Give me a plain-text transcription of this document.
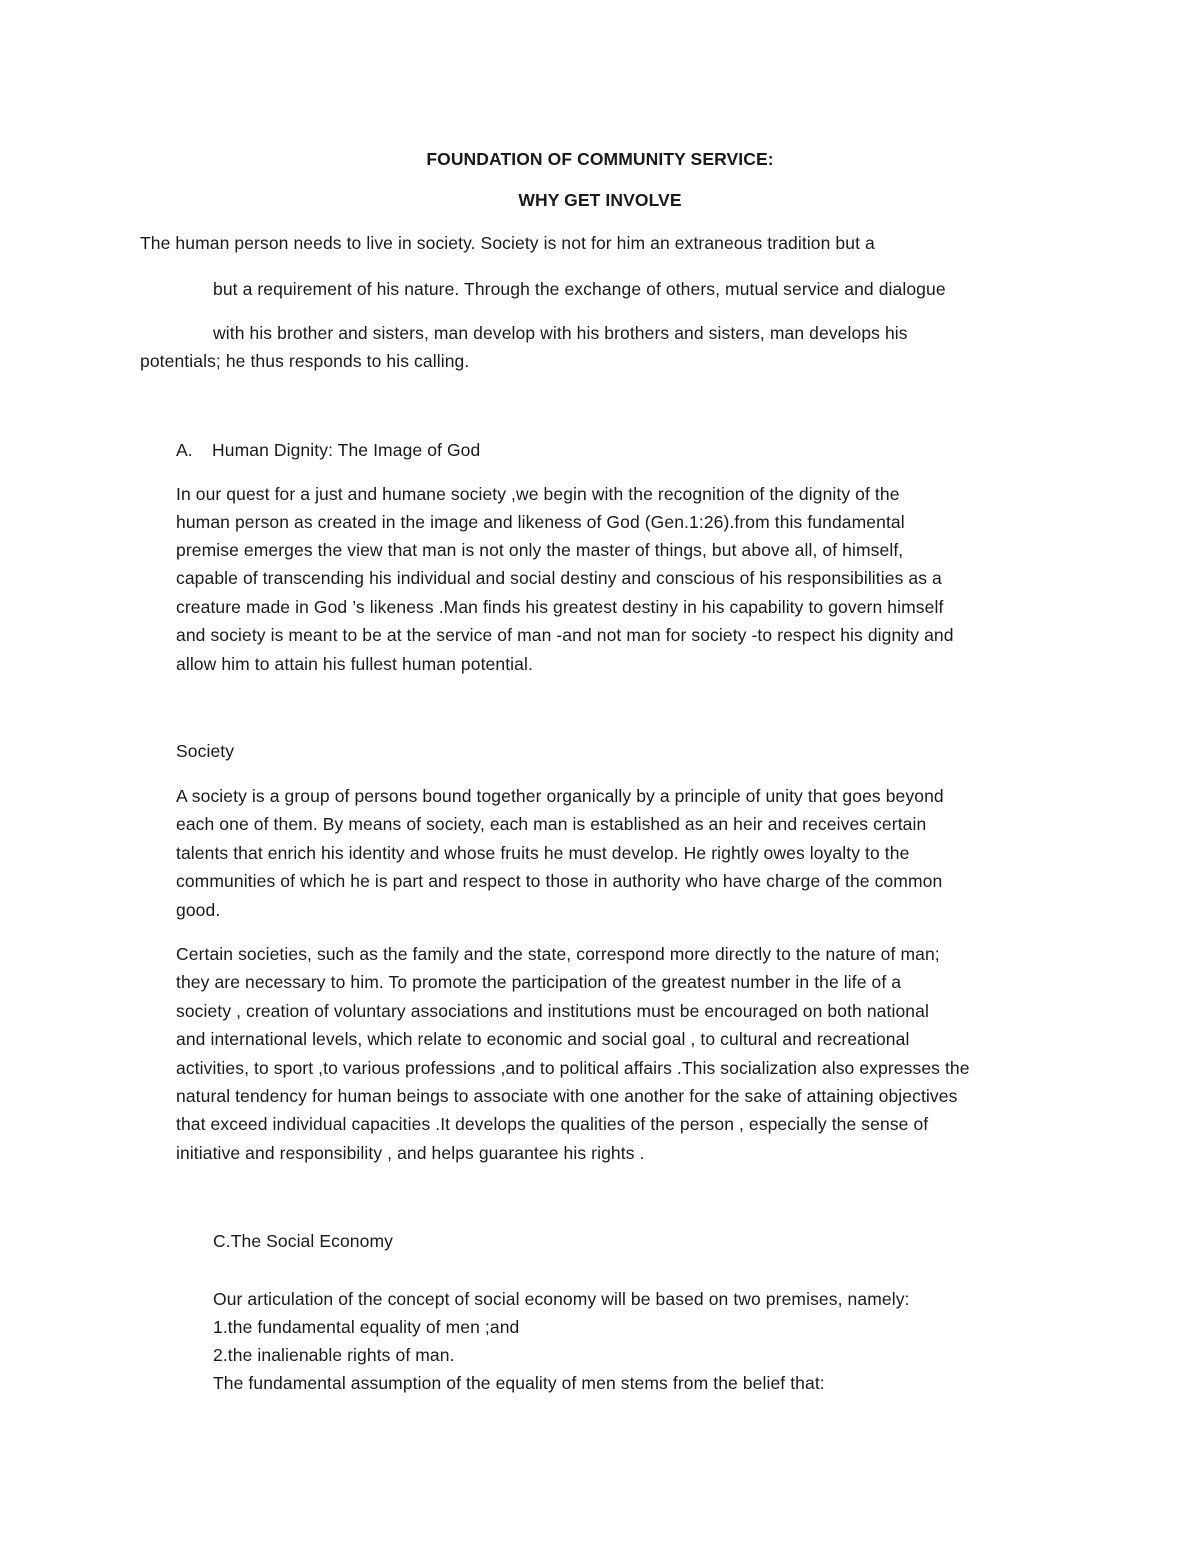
FOUNDATION OF COMMUNITY SERVICE:
WHY GET INVOLVE
The human person needs to live in society. Society is not for him an extraneous tradition but a
but a requirement of his nature. Through the exchange of others, mutual service and dialogue
with his brother and sisters, man develop with his brothers and sisters, man develops his
potentials; he thus responds to his calling.
A. Human Dignity: The Image of God
In our quest for a just and humane society ,we begin with the recognition of the dignity of the
human person as created in the image and likeness of God (Gen.1:26).from this fundamental
premise emerges the view that man is not only the master of things, but above all, of himself,
capable of transcending his individual and social destiny and conscious of his responsibilities as a
creature made in God ’s likeness .Man finds his greatest destiny in his capability to govern himself
and society is meant to be at the service of man -and not man for society -to respect his dignity and
allow him to attain his fullest human potential.
Society
A society is a group of persons bound together organically by a principle of unity that goes beyond
each one of them. By means of society, each man is established as an heir and receives certain
talents that enrich his identity and whose fruits he must develop. He rightly owes loyalty to the
communities of which he is part and respect to those in authority who have charge of the common
good.
Certain societies, such as the family and the state, correspond more directly to the nature of man;
they are necessary to him. To promote the participation of the greatest number in the life of a
society , creation of voluntary associations and institutions must be encouraged on both national
and international levels, which relate to economic and social goal , to cultural and recreational
activities, to sport ,to various professions ,and to political affairs .This socialization also expresses the
natural tendency for human beings to associate with one another for the sake of attaining objectives
that exceed individual capacities .It develops the qualities of the person , especially the sense of
initiative and responsibility , and helps guarantee his rights .
C.The Social Economy
Our articulation of the concept of social economy will be based on two premises, namely:
1.the fundamental equality of men ;and
2.the inalienable rights of man.
The fundamental assumption of the equality of men stems from the belief that:
